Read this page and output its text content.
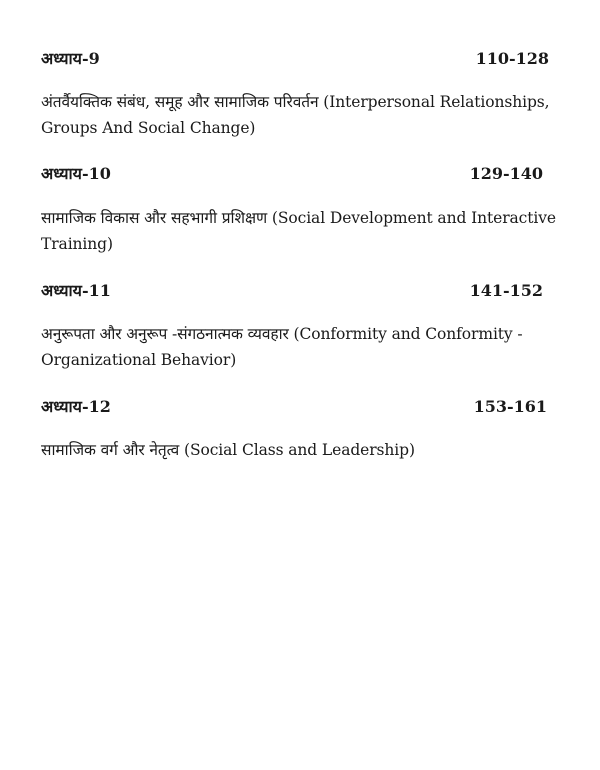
अध्याय-9	110-128

अंतर्वैयक्तिक संबंध, समूह और सामाजिक परिवर्तन (Interpersonal Relationships, Groups And Social Change)

अध्याय-10	129-140

सामाजिक विकास और सहभागी प्रशिक्षण (Social Development and Interactive Training)

अध्याय-11	141-152

अनुरूपता और अनुरूप -संगठनात्मक व्यवहार (Conformity and Conformity - Organizational Behavior)

अध्याय-12	153-161

सामाजिक वर्ग और नेतृत्व (Social Class and Leadership)
